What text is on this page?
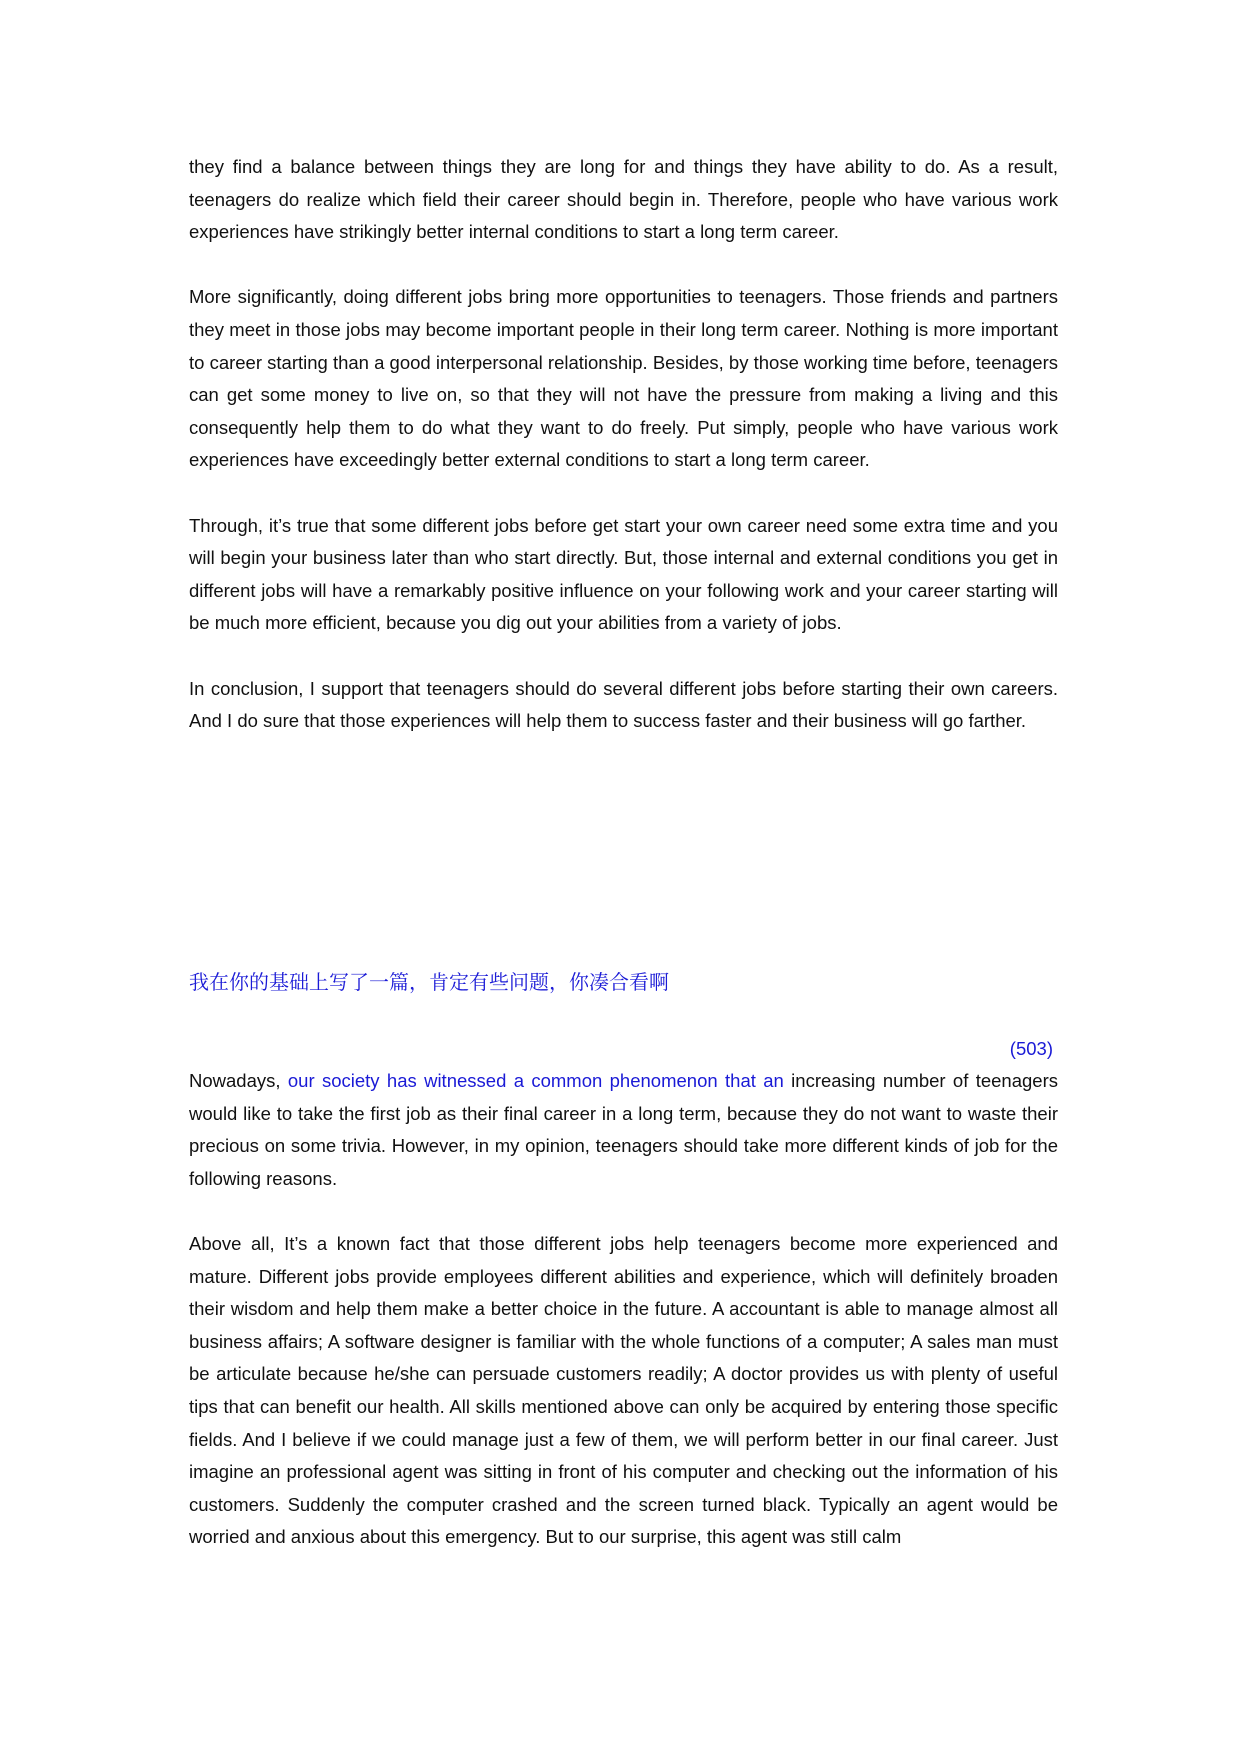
they find a balance between things they are long for and things they have ability to do. As a result, teenagers do realize which field their career should begin in. Therefore, people who have various work experiences have strikingly better internal conditions to start a long term career.

More significantly, doing different jobs bring more opportunities to teenagers. Those friends and partners they meet in those jobs may become important people in their long term career. Nothing is more important to career starting than a good interpersonal relationship. Besides, by those working time before, teenagers can get some money to live on, so that they will not have the pressure from making a living and this consequently help them to do what they want to do freely. Put simply, people who have various work experiences have exceedingly better external conditions to start a long term career.

Through, it’s true that some different jobs before get start your own career need some extra time and you will begin your business later than who start directly. But, those internal and external conditions you get in different jobs will have a remarkably positive influence on your following work and your career starting will be much more efficient, because you dig out your abilities from a variety of jobs.

In conclusion, I support that teenagers should do several different jobs before starting their own careers. And I do sure that those experiences will help them to success faster and their business will go farther.

我在你的基础上写了一篇，肯定有些问题，你凑合看啊
(503)

Nowadays, our society has witnessed a common phenomenon that an increasing number of teenagers would like to take the first job as their final career in a long term, because they do not want to waste their precious on some trivia. However, in my opinion, teenagers should take more different kinds of job for the following reasons.

Above all, It’s a known fact that those different jobs help teenagers become more experienced and mature. Different jobs provide employees different abilities and experience, which will definitely broaden their wisdom and help them make a better choice in the future. A accountant is able to manage almost all business affairs; A software designer is familiar with the whole functions of a computer; A sales man must be articulate because he/she can persuade customers readily; A doctor provides us with plenty of useful tips that can benefit our health. All skills mentioned above can only be acquired by entering those specific fields. And I believe if we could manage just a few of them, we will perform better in our final career. Just imagine an professional agent was sitting in front of his computer and checking out the information of his customers. Suddenly the computer crashed and the screen turned black. Typically an agent would be worried and anxious about this emergency. But to our surprise, this agent was still calm
